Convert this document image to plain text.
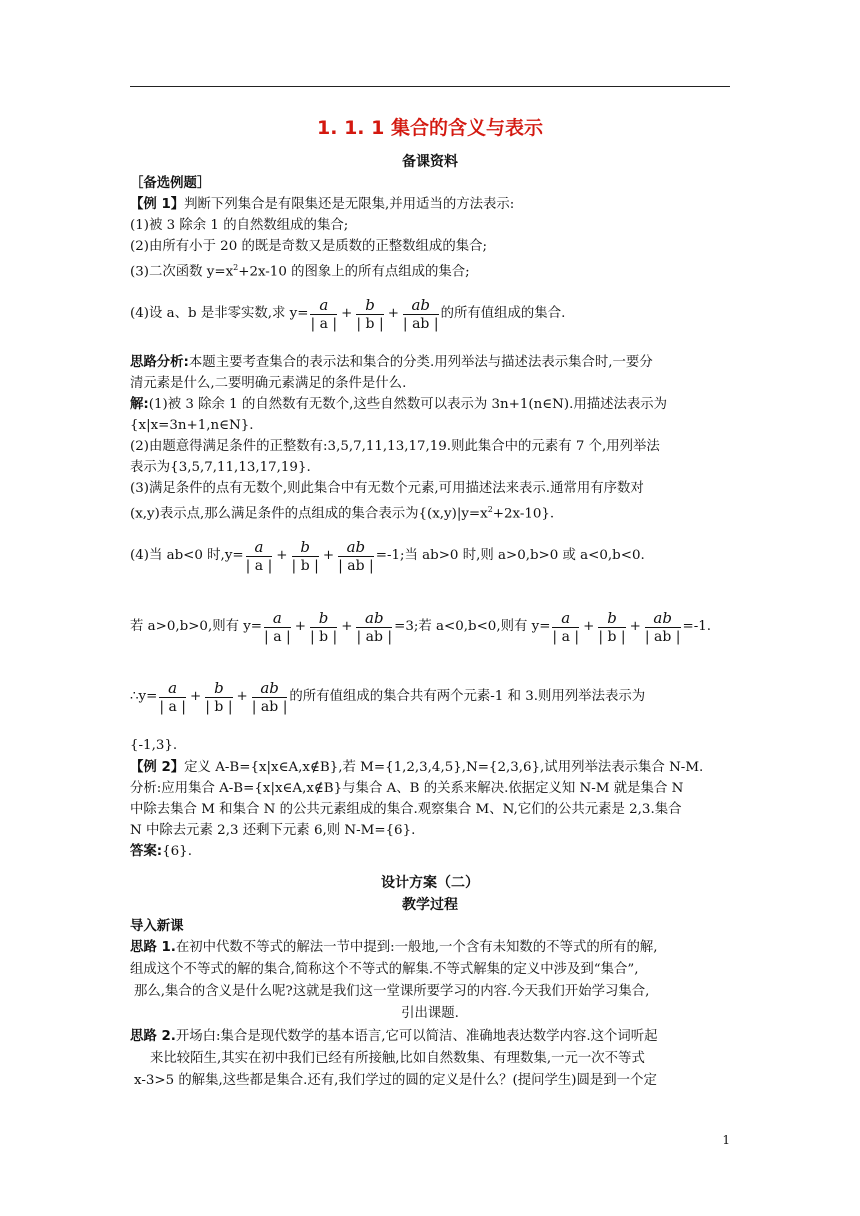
1. 1. 1 集合的含义与表示
备课资料
［备选例题］
【例 1】判断下列集合是有限集还是无限集,并用适当的方法表示:
(1)被 3 除余 1 的自然数组成的集合;
(2)由所有小于 20 的既是奇数又是质数的正整数组成的集合;
(3)二次函数 $y=x^2+2x-10$ 的图象上的所有点组成的集合;
(4)设 a、b 是非零实数,求 $y= \frac{a}{| a |} + \frac{b}{| b |} + \frac{ab}{| ab |}$ 的所有值组成的集合.
思路分析:本题主要考查集合的表示法和集合的分类.用列举法与描述法表示集合时,一要分
清元素是什么,二要明确元素满足的条件是什么.
解:(1)被 3 除余 1 的自然数有无数个,这些自然数可以表示为 3n+1(n∈N).用描述法表示为
{x|x=3n+1,n∈N}.
(2)由题意得满足条件的正整数有:3,5,7,11,13,17,19.则此集合中的元素有 7 个,用列举法
表示为{3,5,7,11,13,17,19}.
(3)满足条件的点有无数个,则此集合中有无数个元素,可用描述法来表示.通常用有序数对
(x,y)表示点,那么满足条件的点组成的集合表示为$\{(x,y)|y=x^2+2x-10\}$.
(4)当 ab<0 时$,y= \frac{a}{| a |} + \frac{b}{| b |} + \frac{ab}{| ab |} =-1$;当 ab>0 时,则 a>0,b>0 或 a<0,b<0.
若 a>0,b>0,则有 $y= \frac{a}{| a |} + \frac{b}{| b |} + \frac{ab}{| ab |} =3$;若 a<0,b<0,则有 $y= \frac{a}{| a |} + \frac{b}{| b |} + \frac{ab}{| ab |} =-1$.
∴y= $\frac{a}{| a |} + \frac{b}{| b |} + \frac{ab}{| ab |}$ 的所有值组成的集合共有两个元素-1 和 3.则用列举法表示为
{-1,3}.
【例 2】定义 A-B={x|x∈A,x∉B},若 M={1,2,3,4,5},N={2,3,6},试用列举法表示集合 N-M.
分析:应用集合 A-B={x|x∈A,x∉B}与集合 A、B 的关系来解决.依据定义知 N-M 就是集合 N
中除去集合 M 和集合 N 的公共元素组成的集合.观察集合 M、N,它们的公共元素是 2,3.集合
N 中除去元素 2,3 还剩下元素 6,则 N-M={6}.
答案:{6}.
设计方案（二）
教学过程
导入新课
思路 1.在初中代数不等式的解法一节中提到:一般地,一个含有未知数的不等式的所有的解,
组成这个不等式的解的集合,简称这个不等式的解集.不等式解集的定义中涉及到“集合”,
那么,集合的含义是什么呢?这就是我们这一堂课所要学习的内容.今天我们开始学习集合,
引出课题.
思路 2.开场白:集合是现代数学的基本语言,它可以简洁、准确地表达数学内容.这个词听起
来比较陌生,其实在初中我们已经有所接触,比如自然数集、有理数集,一元一次不等式
x-3>5 的解集,这些都是集合.还有,我们学过的圆的定义是什么？(提问学生)圆是到一个定
1
